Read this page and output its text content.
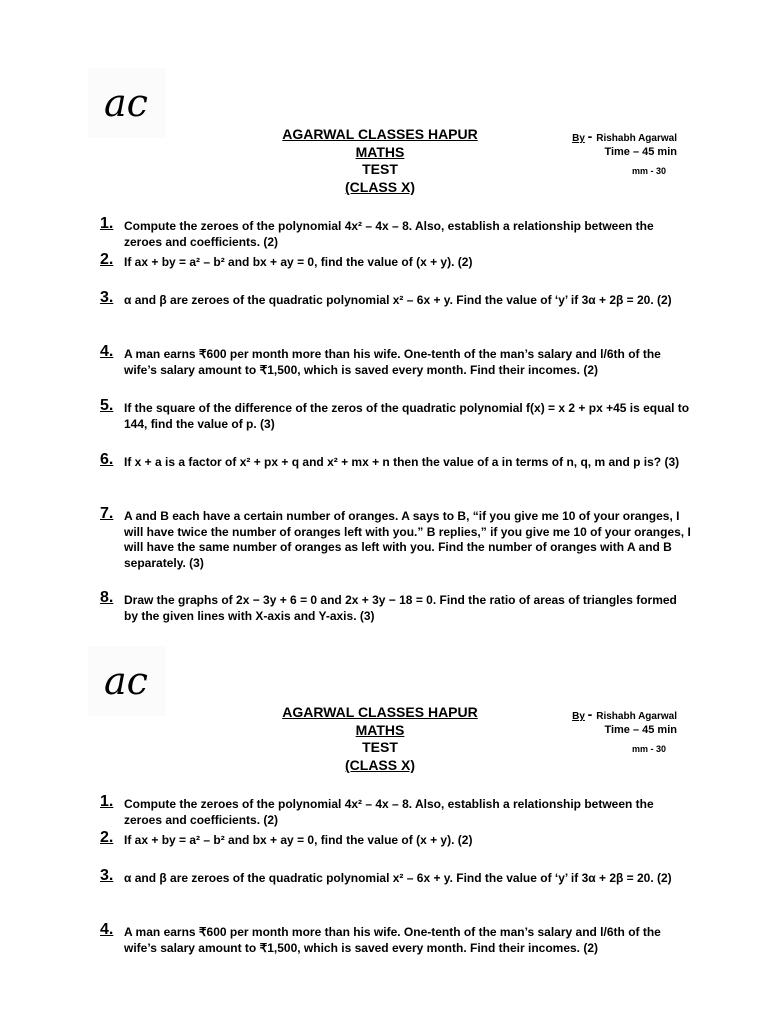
ac
AGARWAL CLASSES HAPUR
MATHS
TEST
(CLASS X)
By - Rishabh Agarwal
Time – 45 min
mm - 30
1. Compute the zeroes of the polynomial 4x² – 4x – 8. Also, establish a relationship between the zeroes and coefficients. (2)
2. If ax + by = a² – b² and bx + ay = 0, find the value of (x + y). (2)
3. α and β are zeroes of the quadratic polynomial x² – 6x + y. Find the value of ‘y’ if 3α + 2β = 20. (2)
4. A man earns ₹600 per month more than his wife. One-tenth of the man’s salary and l/6th of the wife’s salary amount to ₹1,500, which is saved every month. Find their incomes. (2)
5. If the square of the difference of the zeros of the quadratic polynomial f(x) = x 2 + px +45 is equal to 144, find the value of p. (3)
6. If x + a is a factor of x² + px + q and x² + mx + n then the value of a in terms of n, q, m and p is? (3)
7. A and B each have a certain number of oranges. A says to B, “if you give me 10 of your oranges, I will have twice the number of oranges left with you.” B replies,” if you give me 10 of your oranges, I will have the same number of oranges as left with you. Find the number of oranges with A and B separately. (3)
8. Draw the graphs of 2x − 3y + 6 = 0 and 2x + 3y − 18 = 0. Find the ratio of areas of triangles formed by the given lines with X-axis and Y-axis. (3)
ac
AGARWAL CLASSES HAPUR
MATHS
TEST
(CLASS X)
By - Rishabh Agarwal
Time – 45 min
mm - 30
1. Compute the zeroes of the polynomial 4x² – 4x – 8. Also, establish a relationship between the zeroes and coefficients. (2)
2. If ax + by = a² – b² and bx + ay = 0, find the value of (x + y). (2)
3. α and β are zeroes of the quadratic polynomial x² – 6x + y. Find the value of ‘y’ if 3α + 2β = 20. (2)
4. A man earns ₹600 per month more than his wife. One-tenth of the man’s salary and l/6th of the wife’s salary amount to ₹1,500, which is saved every month. Find their incomes. (2)
